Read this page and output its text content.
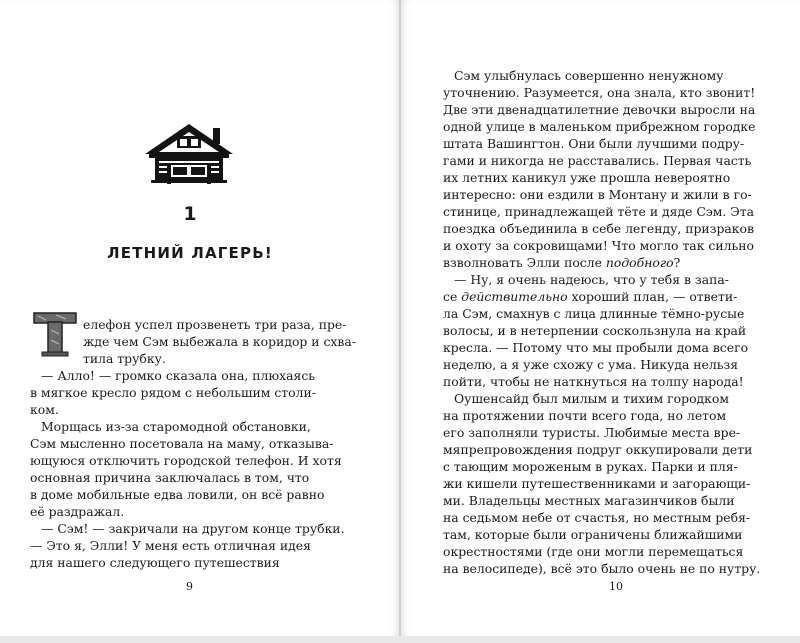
1
ЛЕТНИЙ ЛАГЕРЬ!
Т
елефон успел прозвенеть три раза, пре-
жде чем Сэм выбежала в коридор и схва-
тила трубку.
— Алло! — громко сказала она, плюхаясь
в мягкое кресло рядом с небольшим столи-
ком.
Морщась из-за старомодной обстановки,
Сэм мысленно посетовала на маму, отказыва-
ющуюся отключить городской телефон. И хотя
основная причина заключалась в том, что
в доме мобильные едва ловили, он всё равно
её раздражал.
— Сэм! — закричали на другом конце трубки.
— Это я, Элли! У меня есть отличная идея
для нашего следующего путешествия
9
Сэм улыбнулась совершенно ненужному
уточнению. Разумеется, она знала, кто звонит!
Две эти двенадцатилетние девочки выросли на
одной улице в маленьком прибрежном городке
штата Вашингтон. Они были лучшими подру-
гами и никогда не расставались. Первая часть
их летних каникул уже прошла невероятно
интересно: они ездили в Монтану и жили в го-
стинице, принадлежащей тёте и дяде Сэм. Эта
поездка объединила в себе легенду, призраков
и охоту за сокровищами! Что могло так сильно
взволновать Элли после подобного?
— Ну, я очень надеюсь, что у тебя в запа-
се действительно хороший план, — ответи-
ла Сэм, смахнув с лица длинные тёмно-русые
волосы, и в нетерпении соскользнула на край
кресла. — Потому что мы пробыли дома всего
неделю, а я уже схожу с ума. Никуда нельзя
пойти, чтобы не наткнуться на толпу народа!
Оушенсайд был милым и тихим городком
на протяжении почти всего года, но летом
его заполняли туристы. Любимые места вре-
мяпрепровождения подруг оккупировали дети
с тающим мороженым в руках. Парки и пля-
жи кишели путешественниками и загорающи-
ми. Владельцы местных магазинчиков были
на седьмом небе от счастья, но местным ребя-
там, которые были ограничены ближайшими
окрестностями (где они могли перемещаться
на велосипеде), всё это было очень не по нутру.
10
